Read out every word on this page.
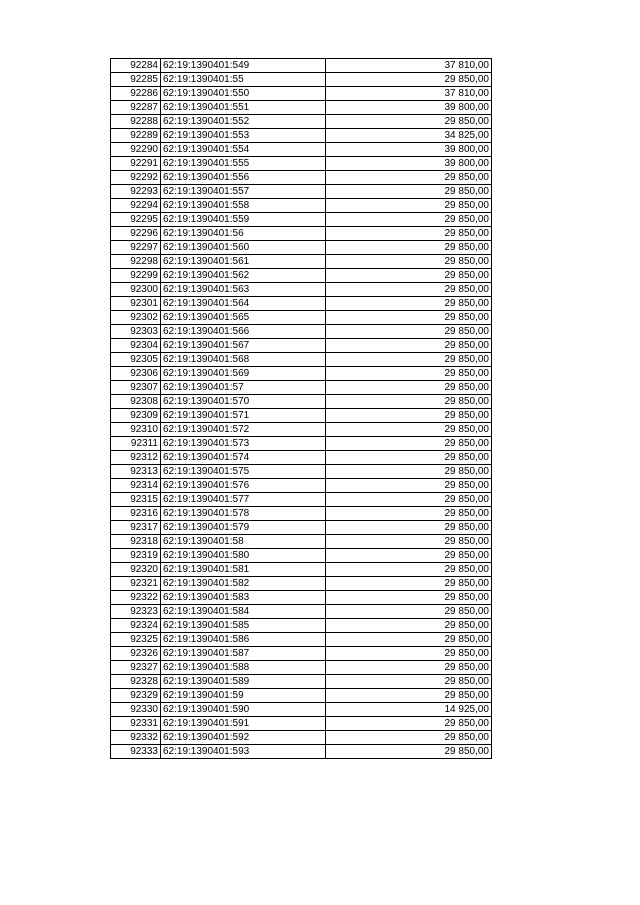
92284	62:19:1390401:549	37 810,00
92285	62:19:1390401:55	29 850,00
92286	62:19:1390401:550	37 810,00
92287	62:19:1390401:551	39 800,00
92288	62:19:1390401:552	29 850,00
92289	62:19:1390401:553	34 825,00
92290	62:19:1390401:554	39 800,00
92291	62:19:1390401:555	39 800,00
92292	62:19:1390401:556	29 850,00
92293	62:19:1390401:557	29 850,00
92294	62:19:1390401:558	29 850,00
92295	62:19:1390401:559	29 850,00
92296	62:19:1390401:56	29 850,00
92297	62:19:1390401:560	29 850,00
92298	62:19:1390401:561	29 850,00
92299	62:19:1390401:562	29 850,00
92300	62:19:1390401:563	29 850,00
92301	62:19:1390401:564	29 850,00
92302	62:19:1390401:565	29 850,00
92303	62:19:1390401:566	29 850,00
92304	62:19:1390401:567	29 850,00
92305	62:19:1390401:568	29 850,00
92306	62:19:1390401:569	29 850,00
92307	62:19:1390401:57	29 850,00
92308	62:19:1390401:570	29 850,00
92309	62:19:1390401:571	29 850,00
92310	62:19:1390401:572	29 850,00
92311	62:19:1390401:573	29 850,00
92312	62:19:1390401:574	29 850,00
92313	62:19:1390401:575	29 850,00
92314	62:19:1390401:576	29 850,00
92315	62:19:1390401:577	29 850,00
92316	62:19:1390401:578	29 850,00
92317	62:19:1390401:579	29 850,00
92318	62:19:1390401:58	29 850,00
92319	62:19:1390401:580	29 850,00
92320	62:19:1390401:581	29 850,00
92321	62:19:1390401:582	29 850,00
92322	62:19:1390401:583	29 850,00
92323	62:19:1390401:584	29 850,00
92324	62:19:1390401:585	29 850,00
92325	62:19:1390401:586	29 850,00
92326	62:19:1390401:587	29 850,00
92327	62:19:1390401:588	29 850,00
92328	62:19:1390401:589	29 850,00
92329	62:19:1390401:59	29 850,00
92330	62:19:1390401:590	14 925,00
92331	62:19:1390401:591	29 850,00
92332	62:19:1390401:592	29 850,00
92333	62:19:1390401:593	29 850,00
